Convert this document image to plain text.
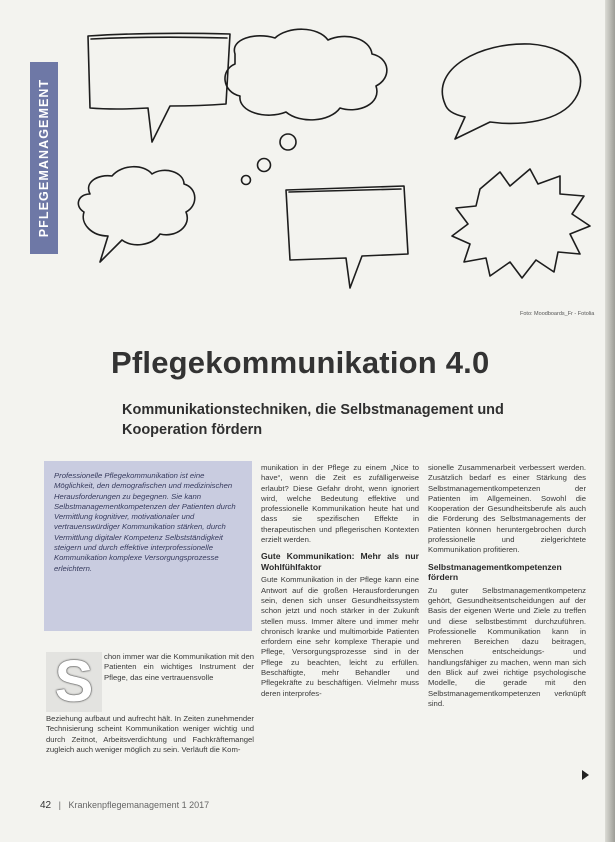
PFLEGEMANAGEMENT
Foto: Moodboards_Fr - Fotolia
Pflegekommunikation 4.0
Kommunikationstechniken, die Selbstmanagement und Kooperation fördern

Professionelle Pflegekommunikation ist eine Möglichkeit, den demografischen und medizinischen Herausforderungen zu begegnen. Sie kann Selbstmanagementkompetenzen der Patienten durch Vermittlung kognitiver, motivationaler und vertrauenswürdiger Kommunikation stärken, durch Vermittlung digitaler Kompetenz Selbstständigkeit steigern und durch effektive interprofessionelle Kommunikation komplexe Versorgungsprozesse erleichtern.

S	chon immer war die Kommunikation mit den Patienten ein wichtiges Instrument der Pflege, das eine vertrauensvolle

Beziehung aufbaut und aufrecht hält. In Zeiten zunehmender Technisierung scheint Kommunikation weniger wichtig und durch Zeitnot, Arbeitsverdichtung und Fachkräftemangel zugleich auch weniger möglich zu sein. Verläuft die Kom-

munikation in der Pflege zu einem „Nice to have“, wenn die Zeit es zufälligerweise erlaubt? Diese Gefahr droht, wenn ignoriert wird, welche Bedeutung effektive und professionelle Kommunikation heute hat und dass sie spezifischen Effekte in therapeutischen und pflegerischen Kontexten erzielt werden.

Gute Kommunikation: Mehr als nur Wohlfühlfaktor

Gute Kommunikation in der Pflege kann eine Antwort auf die großen Herausforderungen sein, denen sich unser Gesundheitssystem schon jetzt und noch stärker in der Zukunft stellen muss. Immer ältere und immer mehr chronisch kranke und multimorbide Patienten erfordern eine sehr komplexe Therapie und Pflege, Versorgungsprozesse sind in der Pflege zu beachten, leicht zu erfüllen. Beschäftigte, mehr Behandler und Pflegekräfte zu beschäftigen. Vielmehr muss deren interprofes-

sionelle Zusammenarbeit verbessert werden. Zusätzlich bedarf es einer Stärkung des Selbstmanagementkompetenzen der Patienten im Allgemeinen. Sowohl die Kooperation der Gesundheitsberufe als auch die Förderung des Selbstmanagements der Patienten können heruntergebrochen durch professionelle und zielgerichtete Kommunikation profitieren.

Selbstmanagementkompetenzen fördern

Zu guter Selbstmanagementkompetenz gehört, Gesundheitsentscheidungen auf der Basis der eigenen Werte und Ziele zu treffen und diese selbstbestimmt durchzuführen. Professionelle Kommunikation kann in mehreren Bereichen dazu beitragen, Menschen entscheidungs- und handlungsfähiger zu machen, wenn man sich den Blick auf zwei richtige psychologische Modelle, die gerade mit den Selbstmanagementkompetenzen verknüpft sind.

42 | Krankenpflegemanagement 1 2017
